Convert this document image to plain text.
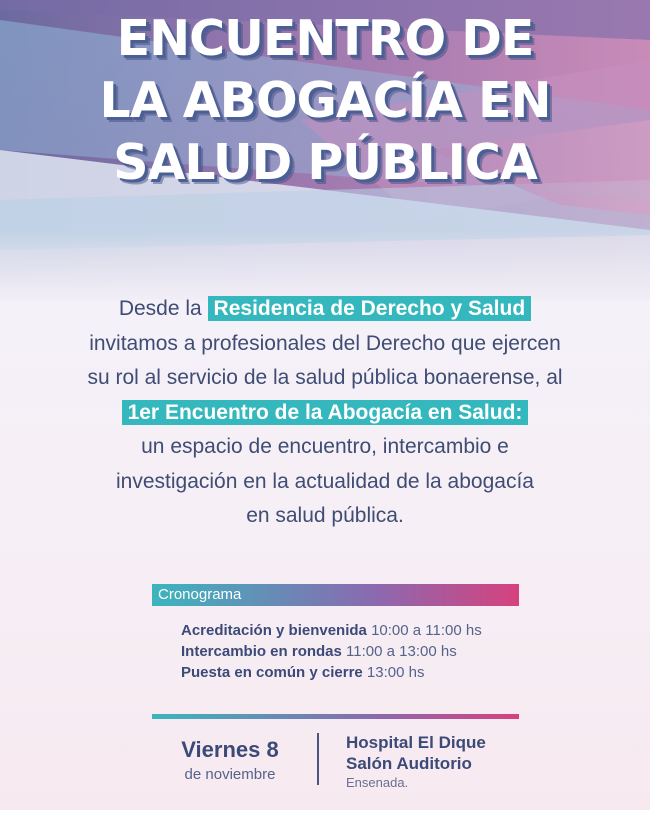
ENCUENTRO DE
LA ABOGACÍA EN
SALUD PÚBLICA
Desde la Residencia de Derecho y Salud
invitamos a profesionales del Derecho que ejercen
su rol al servicio de la salud pública bonaerense, al
1er Encuentro de la Abogacía en Salud:
un espacio de encuentro, intercambio e
investigación en la actualidad de la abogacía
en salud pública.
Cronograma
Acreditación y bienvenida 10:00 a 11:00 hs
Intercambio en rondas 11:00 a 13:00 hs
Puesta en común y cierre 13:00 hs
Viernes 8
de noviembre
Hospital El Dique
Salón Auditorio
Ensenada.
